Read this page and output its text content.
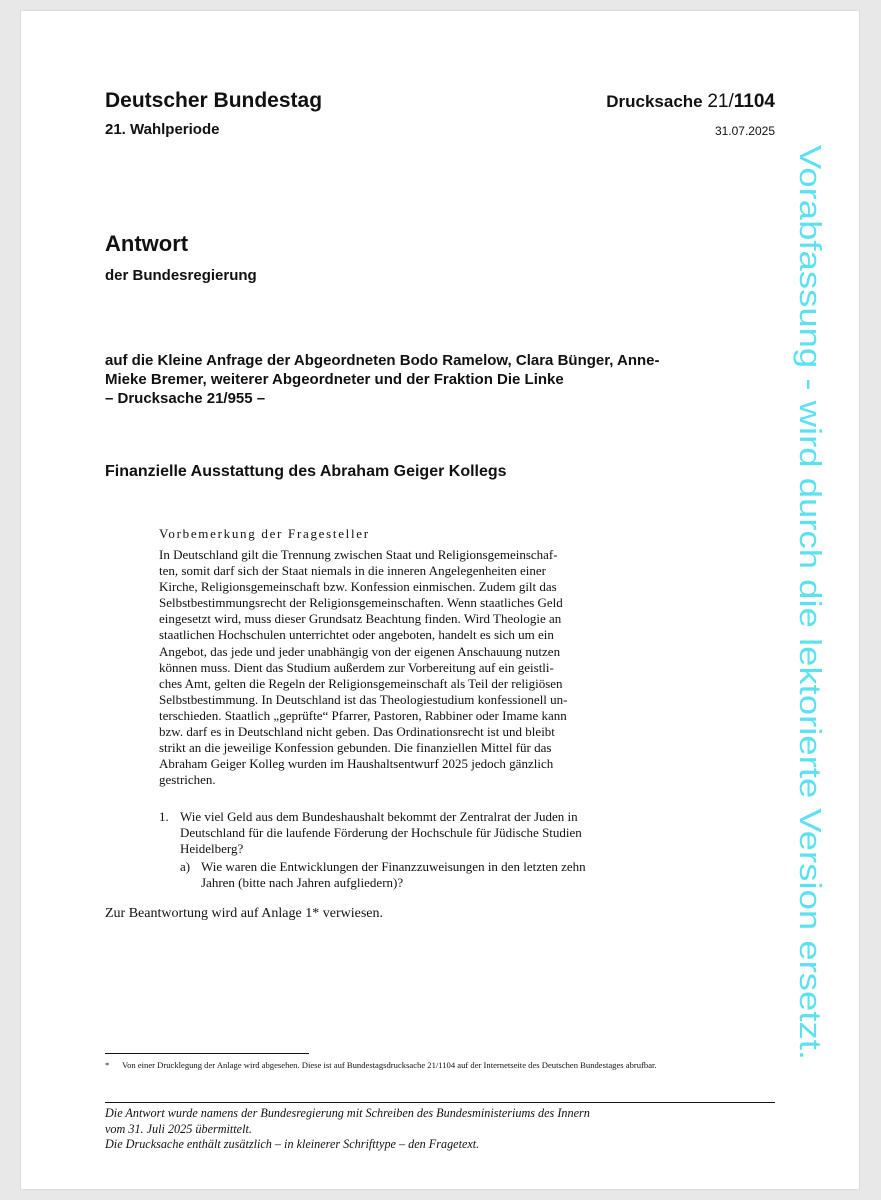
Deutscher Bundestag
21. Wahlperiode
Drucksache 21/1104
31.07.2025
Antwort
der Bundesregierung
auf die Kleine Anfrage der Abgeordneten Bodo Ramelow, Clara Bünger, Anne-
Mieke Bremer, weiterer Abgeordneter und der Fraktion Die Linke
– Drucksache 21/955 –
Finanzielle Ausstattung des Abraham Geiger Kollegs
Vorbemerkung der Fragesteller
In Deutschland gilt die Trennung zwischen Staat und Religionsgemeinschaf-
ten, somit darf sich der Staat niemals in die inneren Angelegenheiten einer
Kirche, Religionsgemeinschaft bzw. Konfession einmischen. Zudem gilt das
Selbstbestimmungsrecht der Religionsgemeinschaften. Wenn staatliches Geld
eingesetzt wird, muss dieser Grundsatz Beachtung finden. Wird Theologie an
staatlichen Hochschulen unterrichtet oder angeboten, handelt es sich um ein
Angebot, das jede und jeder unabhängig von der eigenen Anschauung nutzen
können muss. Dient das Studium außerdem zur Vorbereitung auf ein geistli-
ches Amt, gelten die Regeln der Religionsgemeinschaft als Teil der religiösen
Selbstbestimmung. In Deutschland ist das Theologiestudium konfessionell un-
terschieden. Staatlich „geprüfte“ Pfarrer, Pastoren, Rabbiner oder Imame kann
bzw. darf es in Deutschland nicht geben. Das Ordinationsrecht ist und bleibt
strikt an die jeweilige Konfession gebunden. Die finanziellen Mittel für das
Abraham Geiger Kolleg wurden im Haushaltsentwurf 2025 jedoch gänzlich
gestrichen.
1. Wie viel Geld aus dem Bundeshaushalt bekommt der Zentralrat der Juden in Deutschland für die laufende Förderung der Hochschule für Jüdische Studien Heidelberg?
a) Wie waren die Entwicklungen der Finanzzuweisungen in den letzten zehn Jahren (bitte nach Jahren aufgliedern)?
Zur Beantwortung wird auf Anlage 1* verwiesen.
* Von einer Drucklegung der Anlage wird abgesehen. Diese ist auf Bundestagsdrucksache 21/1104 auf der Internetseite des Deutschen Bundestages abrufbar.
Die Antwort wurde namens der Bundesregierung mit Schreiben des Bundesministeriums des Innern
vom 31. Juli 2025 übermittelt.
Die Drucksache enthält zusätzlich – in kleinerer Schrifttype – den Fragetext.
Vorabfassung - wird durch die lektorierte Version ersetzt.
